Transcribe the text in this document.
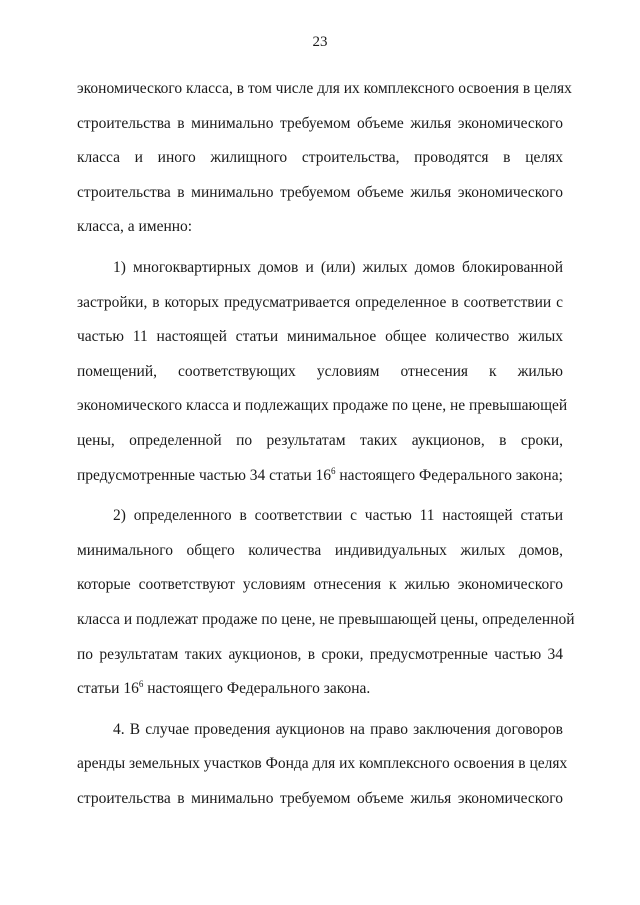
23
экономического класса, в том числе для их комплексного освоения в целях
строительства в минимально требуемом объеме жилья экономического
класса и иного жилищного строительства, проводятся в целях
строительства в минимально требуемом объеме жилья экономического
класса, а именно:
1) многоквартирных домов и (или) жилых домов блокированной
застройки, в которых предусматривается определенное в соответствии с
частью 11 настоящей статьи минимальное общее количество жилых
помещений, соответствующих условиям отнесения к жилью
экономического класса и подлежащих продаже по цене, не превышающей
цены, определенной по результатам таких аукционов, в сроки,
предусмотренные частью 34 статьи $16^6$ настоящего Федерального закона;
2) определенного в соответствии с частью 11 настоящей статьи
минимального общего количества индивидуальных жилых домов,
которые соответствуют условиям отнесения к жилью экономического
класса и подлежат продаже по цене, не превышающей цены, определенной
по результатам таких аукционов, в сроки, предусмотренные частью 34
статьи $16^6$ настоящего Федерального закона.
4. В случае проведения аукционов на право заключения договоров
аренды земельных участков Фонда для их комплексного освоения в целях
строительства в минимально требуемом объеме жилья экономического
